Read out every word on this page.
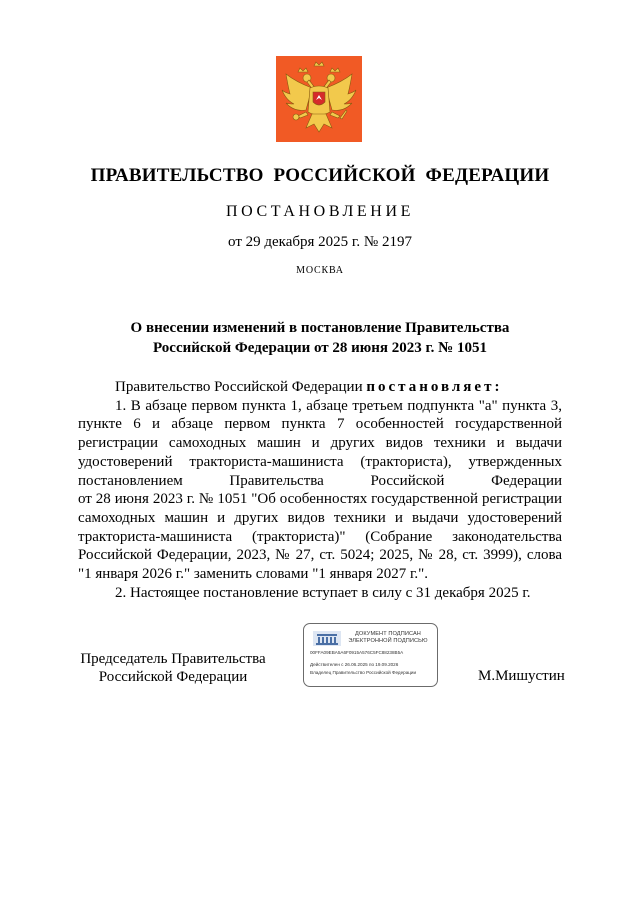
ПРАВИТЕЛЬСТВО РОССИЙСКОЙ ФЕДЕРАЦИИ
ПОСТАНОВЛЕНИЕ
от 29 декабря 2025 г. № 2197
МОСКВА
О внесении изменений в постановление Правительства
Российской Федерации от 28 июня 2023 г. № 1051

Правительство Российской Федерации постановляет:

1. В абзаце первом пункта 1, абзаце третьем подпункта "а" пункта 3, пункте 6 и абзаце первом пункта 7 особенностей государственной регистрации самоходных машин и других видов техники и выдачи удостоверений тракториста-машиниста (тракториста), утвержденных постановлением Правительства Российской Федерации

от 28 июня 2023 г. № 1051 "Об особенностях государственной регистрации самоходных машин и других видов техники и выдачи удостоверений тракториста-машиниста (тракториста)" (Собрание законодательства Российской Федерации, 2023, № 27, ст. 5024; 2025, № 28, ст. 3999), слова "1 января 2026 г." заменить словами "1 января 2027 г.".

2. Настоящее постановление вступает в силу с 31 декабря 2025 г.

Председатель Правительства
Российской Федерации
ДОКУМЕНТ ПОДПИСАН
ЭЛЕКТРОННОЙ ПОДПИСЬЮ
00FFA09EBA5A6F0915A576C5FC88238B5A
Действителен с 26.06.2025 по 19.09.2026
Владелец Правительство Российской Федерации	М.Мишустин
